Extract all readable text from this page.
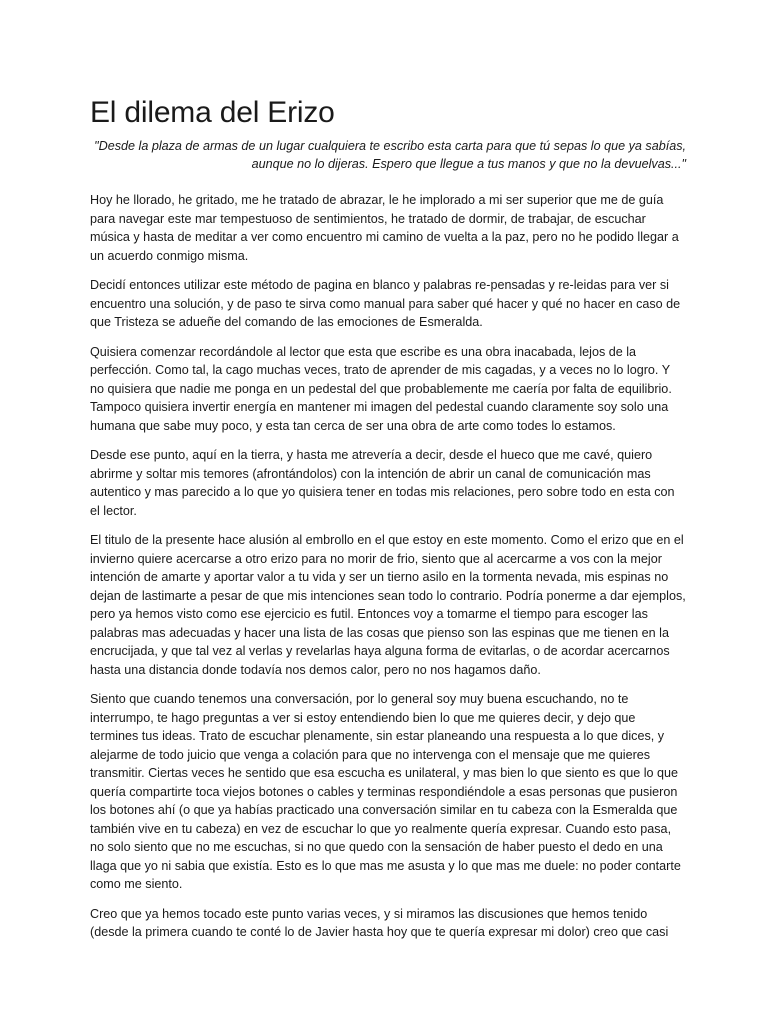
El dilema del Erizo

"Desde la plaza de armas de un lugar cualquiera te escribo esta carta para que tú sepas lo que ya sabías, aunque no lo dijeras. Espero que llegue a tus manos y que no la devuelvas..."

Hoy he llorado, he gritado, me he tratado de abrazar, le he implorado a mi ser superior que me de guía para navegar este mar tempestuoso de sentimientos, he tratado de dormir, de trabajar, de escuchar música y hasta de meditar a ver como encuentro mi camino de vuelta a la paz, pero no he podido llegar a un acuerdo conmigo misma.

Decidí entonces utilizar este método de pagina en blanco y palabras re-pensadas y re-leidas para ver si encuentro una solución, y de paso te sirva como manual para saber qué hacer y qué no hacer en caso de que Tristeza se adueñe del comando de las emociones de Esmeralda.

Quisiera comenzar recordándole al lector que esta que escribe es una obra inacabada, lejos de la perfección. Como tal, la cago muchas veces, trato de aprender de mis cagadas, y a veces no lo logro. Y no quisiera que nadie me ponga en un pedestal del que probablemente me caería por falta de equilibrio. Tampoco quisiera invertir energía en mantener mi imagen del pedestal cuando claramente soy solo una humana que sabe muy poco, y esta tan cerca de ser una obra de arte como todes lo estamos.

Desde ese punto, aquí en la tierra, y hasta me atrevería a decir, desde el hueco que me cavé, quiero abrirme y soltar mis temores (afrontándolos) con la intención de abrir un canal de comunicación mas autentico y mas parecido a lo que yo quisiera tener en todas mis relaciones, pero sobre todo en esta con el lector.

El titulo de la presente hace alusión al embrollo en el que estoy en este momento. Como el erizo que en el invierno quiere acercarse a otro erizo para no morir de frio, siento que al acercarme a vos con la mejor intención de amarte y aportar valor a tu vida y ser un tierno asilo en la tormenta nevada, mis espinas no dejan de lastimarte a pesar de que mis intenciones sean todo lo contrario. Podría ponerme a dar ejemplos, pero ya hemos visto como ese ejercicio es futil. Entonces voy a tomarme el tiempo para escoger las palabras mas adecuadas y hacer una lista de las cosas que pienso son las espinas que me tienen en la encrucijada, y que tal vez al verlas y revelarlas haya alguna forma de evitarlas, o de acordar acercarnos hasta una distancia donde todavía nos demos calor, pero no nos hagamos daño.

Siento que cuando tenemos una conversación, por lo general soy muy buena escuchando, no te interrumpo, te hago preguntas a ver si estoy entendiendo bien lo que me quieres decir, y dejo que termines tus ideas. Trato de escuchar plenamente, sin estar planeando una respuesta a lo que dices, y alejarme de todo juicio que venga a colación para que no intervenga con el mensaje que me quieres transmitir. Ciertas veces he sentido que esa escucha es unilateral, y mas bien lo que siento es que lo que quería compartirte toca viejos botones o cables y terminas respondiéndole a esas personas que pusieron los botones ahí (o que ya habías practicado una conversación similar en tu cabeza con la Esmeralda que también vive en tu cabeza) en vez de escuchar lo que yo realmente quería expresar. Cuando esto pasa, no solo siento que no me escuchas, si no que quedo con la sensación de haber puesto el dedo en una llaga que yo ni sabia que existía. Esto es lo que mas me asusta y lo que mas me duele: no poder contarte como me siento.

Creo que ya hemos tocado este punto varias veces, y si miramos las discusiones que hemos tenido (desde la primera cuando te conté lo de Javier hasta hoy que te quería expresar mi dolor) creo que casi
